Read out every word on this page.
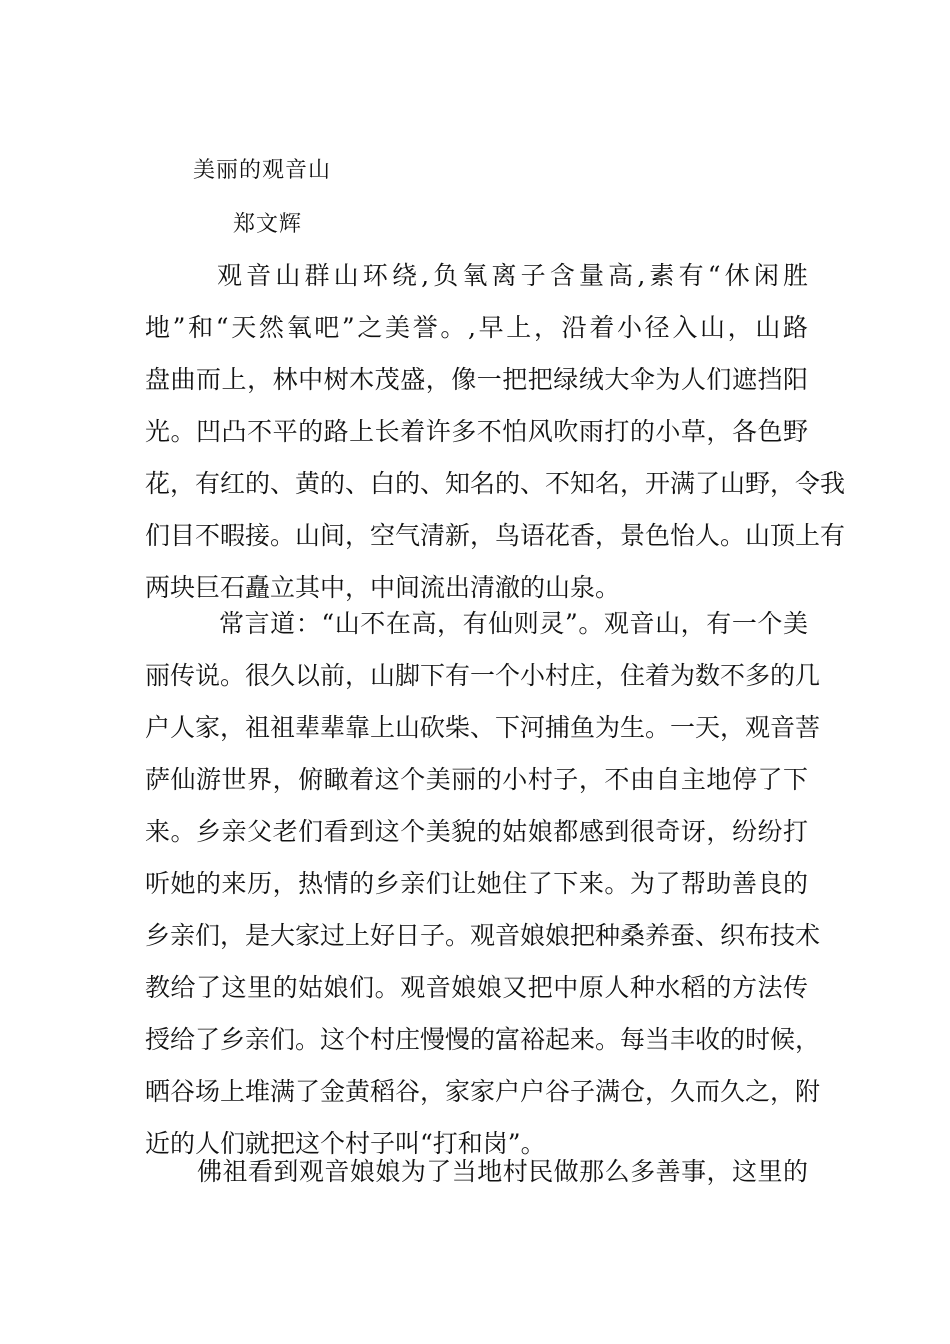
美丽的观音山
郑文辉
观音山群山环绕,负氧离子含量高,素有“休闲胜
地”和“天然氧吧”之美誉。,早上，沿着小径入山，山路
盘曲而上，林中树木茂盛，像一把把绿绒大伞为人们遮挡阳
光。凹凸不平的路上长着许多不怕风吹雨打的小草，各色野
花，有红的、黄的、白的、知名的、不知名，开满了山野，令我
们目不暇接。山间，空气清新，鸟语花香，景色怡人。山顶上有
两块巨石矗立其中，中间流出清澈的山泉。
常言道：“山不在高，有仙则灵”。观音山，有一个美
丽传说。很久以前，山脚下有一个小村庄，住着为数不多的几
户人家，祖祖辈辈靠上山砍柴、下河捕鱼为生。一天，观音菩
萨仙游世界，俯瞰着这个美丽的小村子，不由自主地停了下
来。乡亲父老们看到这个美貌的姑娘都感到很奇讶，纷纷打
听她的来历，热情的乡亲们让她住了下来。为了帮助善良的
乡亲们，是大家过上好日子。观音娘娘把种桑养蚕、织布技术
教给了这里的姑娘们。观音娘娘又把中原人种水稻的方法传
授给了乡亲们。这个村庄慢慢的富裕起来。每当丰收的时候，
晒谷场上堆满了金黄稻谷，家家户户谷子满仓，久而久之，附
近的人们就把这个村子叫“打和岗”。
佛祖看到观音娘娘为了当地村民做那么多善事，这里的
